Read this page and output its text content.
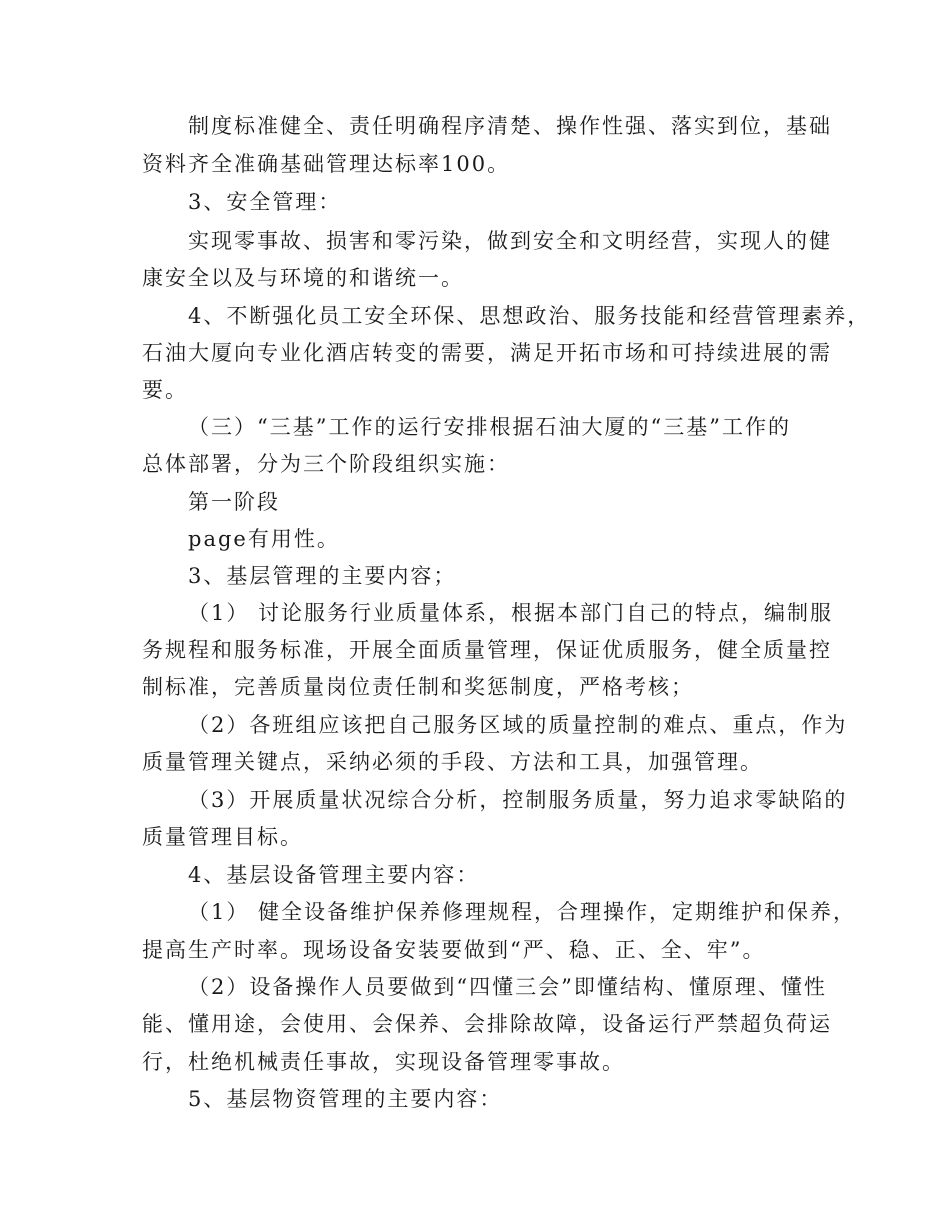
制度标准健全、责任明确程序清楚、操作性强、落实到位，基础
资料齐全准确基础管理达标率100。
3、安全管理：
实现零事故、损害和零污染，做到安全和文明经营，实现人的健
康安全以及与环境的和谐统一。
4、不断强化员工安全环保、思想政治、服务技能和经营管理素养，
石油大厦向专业化酒店转变的需要，满足开拓市场和可持续进展的需
要。
（三）“三基”工作的运行安排根据石油大厦的“三基”工作的
总体部署，分为三个阶段组织实施：
第一阶段
page有用性。
3、基层管理的主要内容；
（1） 讨论服务行业质量体系，根据本部门自己的特点，编制服
务规程和服务标准，开展全面质量管理，保证优质服务，健全质量控
制标准，完善质量岗位责任制和奖惩制度，严格考核；
（2）各班组应该把自己服务区域的质量控制的难点、重点，作为
质量管理关键点，采纳必须的手段、方法和工具，加强管理。
（3）开展质量状况综合分析，控制服务质量，努力追求零缺陷的
质量管理目标。
4、基层设备管理主要内容：
（1） 健全设备维护保养修理规程，合理操作，定期维护和保养，
提高生产时率。现场设备安装要做到“严、稳、正、全、牢”。
（2）设备操作人员要做到“四懂三会”即懂结构、懂原理、懂性
能、懂用途，会使用、会保养、会排除故障，设备运行严禁超负荷运
行，杜绝机械责任事故，实现设备管理零事故。
5、基层物资管理的主要内容：
